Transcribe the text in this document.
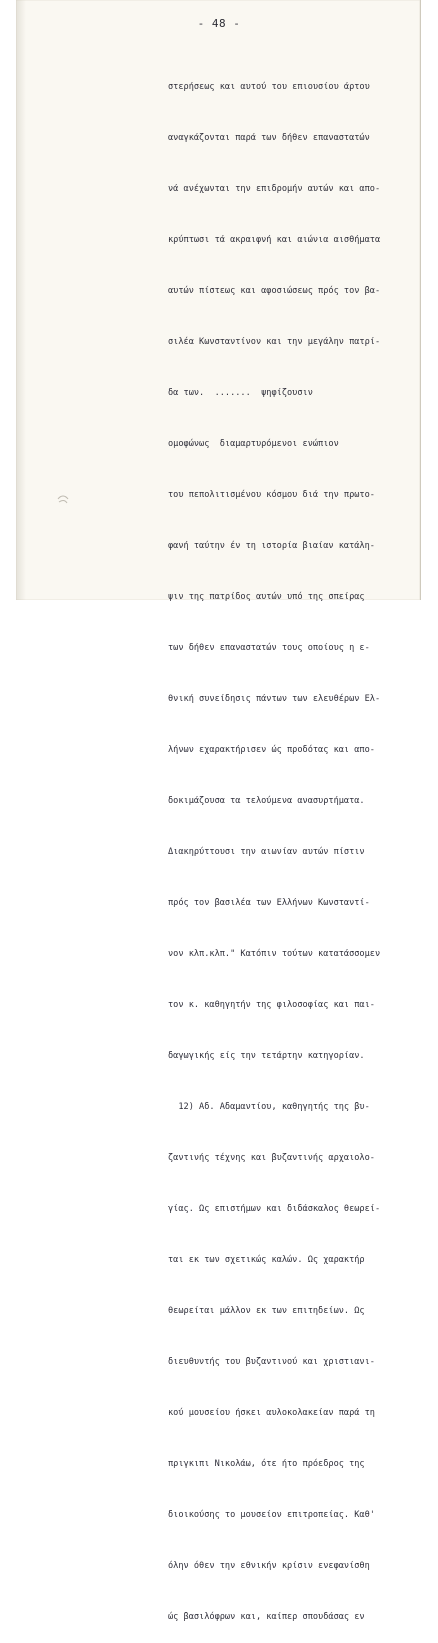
- 48 -

στερήσεως και αυτού του επιουσίου άρτου

αναγκάζονται παρά των δήθεν επαναστατών

νά ανέχωνται την επιδρομήν αυτών και απο-

κρύπτωσι τά ακραιφνή και αιώνια αισθήματα

αυτών πίστεως και αφοσιώσεως πρός τον βα-

σιλέα Κωνσταντίνον και την μεγάλην πατρί-

δα των.  .......  ψηφίζουσιν

ομοφώνως  διαμαρτυρόμενοι ενώπιον

του πεπολιτισμένου κόσμου διά την πρωτο-

φανή ταύτην έν τη ιστορία βιαίαν κατάλη-

ψιν της πατρίδος αυτών υπό της σπείρας

των δήθεν επαναστατών τους οποίους η ε-

θνική συνείδησις πάντων των ελευθέρων Ελ-

λήνων εχαρακτήρισεν ώς προδότας και απο-

δοκιμάζουσα τα τελούμενα ανασυρτήματα.

Διακηρύττουσι την αιωνίαν αυτών πίστιν

πρός τον βασιλέα των Ελλήνων Κωνσταντί-

νον κλπ.κλπ." Κατόπιν τούτων κατατάσσομεν

τον κ. καθηγητήν της φιλοσοφίας και παι-

δαγωγικής είς την τετάρτην κατηγορίαν.

12) Αδ. Αδαμαντίου, καθηγητής της βυ-

ζαντινής τέχνης και βυζαντινής αρχαιολο-

γίας. Ως επιστήμων και διδάσκαλος θεωρεί-

ται εκ των σχετικώς καλών. Ως χαρακτήρ

θεωρείται μάλλον εκ των επιτηδείων. Ως

διευθυντής του βυζαντινού και χριστιανι-

κού μουσείου ήσκει αυλοκολακείαν παρά τη

πριγκιπι Νικολάω, ότε ήτο πρόεδρος της

διοικούσης το μουσείον επιτροπείας. Καθ'

όλην όθεν την εθνικήν κρίσιν ενεφανίσθη

ώς βασιλόφρων και, καίπερ σπουδάσας εν
